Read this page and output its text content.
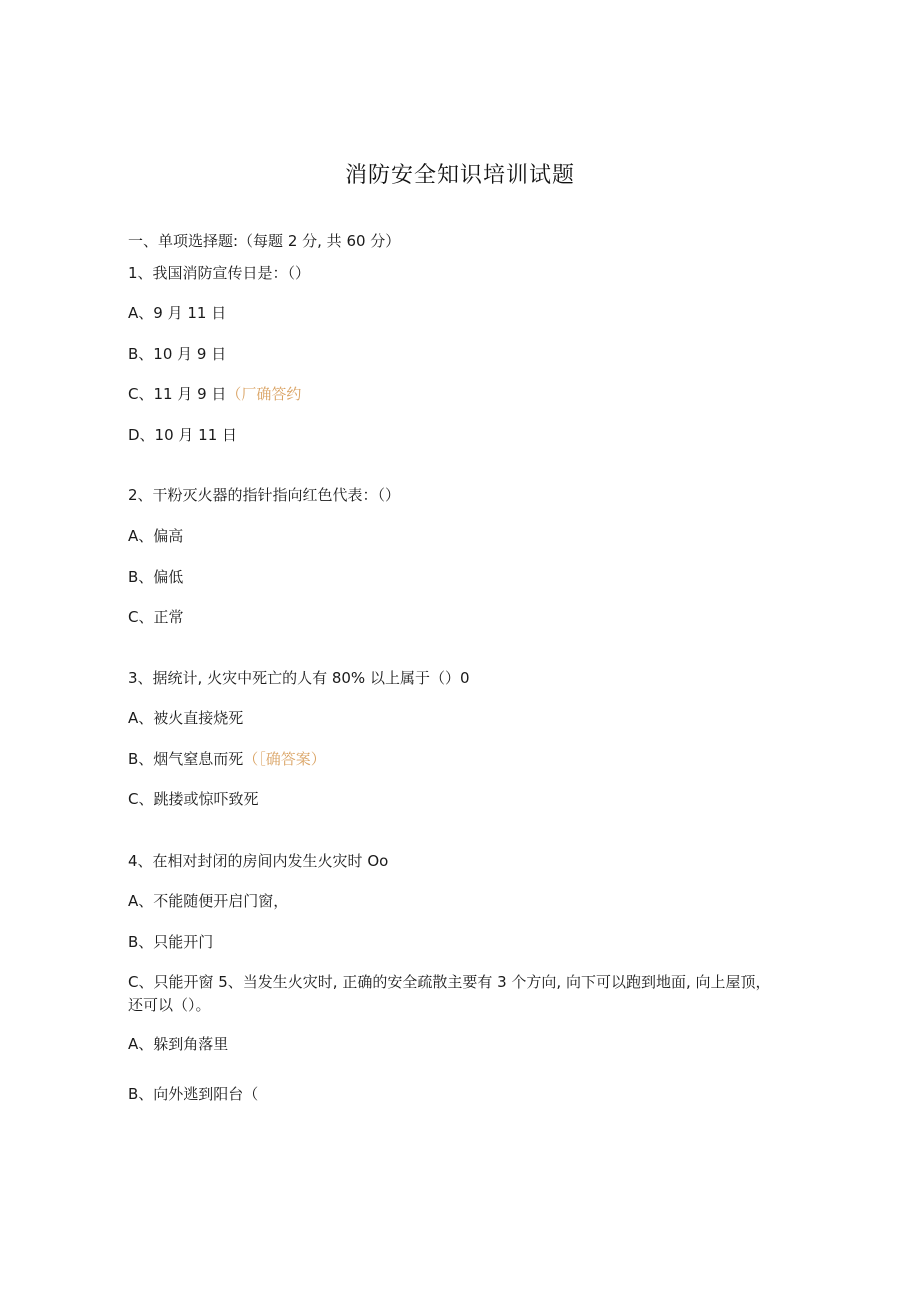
消防安全知识培训试题
一、单项选择题:（每题 2 分, 共 60 分）
1、我国消防宣传日是：（）
A、9 月 11 日
B、10 月 9 日
C、11 月 9 日（厂确答约
D、10 月 11 日
2、干粉灭火器的指针指向红色代表：（）
A、偏高
B、偏低
C、正常
3、据统计, 火灾中死亡的人有 80% 以上属于（）0
A、被火直接烧死
B、烟气窒息而死（［确答案）
C、跳搂或惊吓致死
4、在相对封闭的房间内发生火灾时 Oo
A、不能随便开启门窗，
B、只能开门
C、只能开窗 5、当发生火灾时, 正确的安全疏散主要有 3 个方向, 向下可以跑到地面, 向上屋顶，还可以（）。
A、躲到角落里
B、向外逃到阳台（
